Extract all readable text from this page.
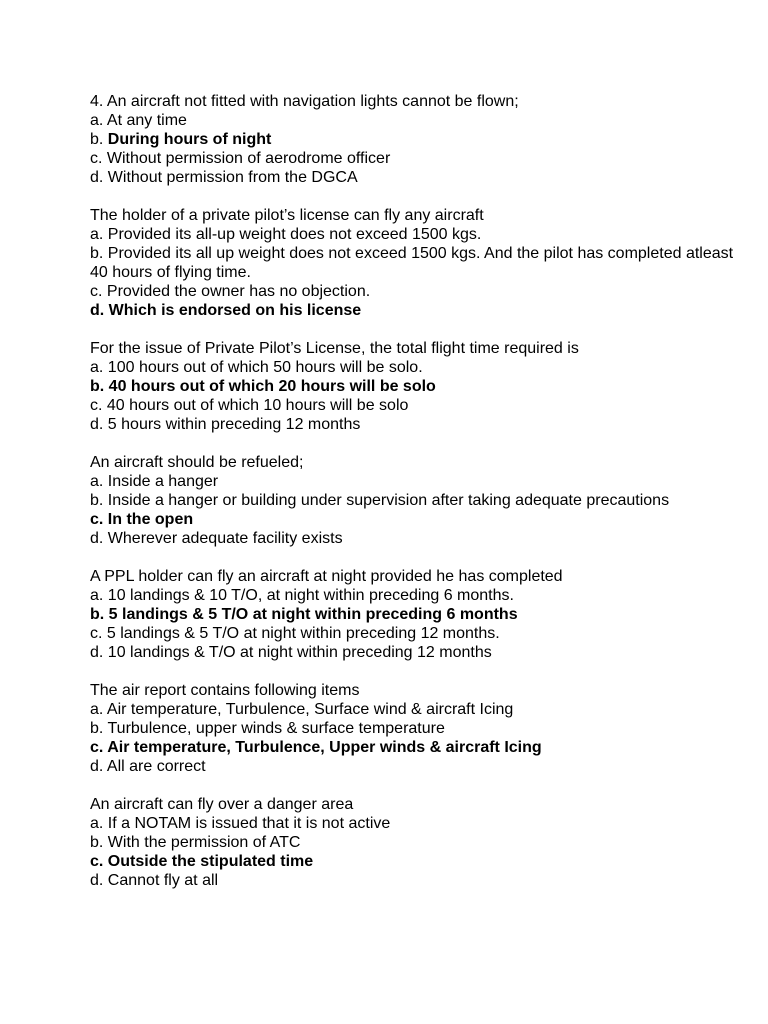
4. An aircraft not fitted with navigation lights cannot be flown;
a. At any time
b. During hours of night
c. Without permission of aerodrome officer
d. Without permission from the DGCA
The holder of a private pilot’s license can fly any aircraft
a. Provided its all-up weight does not exceed 1500 kgs.
b. Provided its all up weight does not exceed 1500 kgs. And the pilot has completed atleast 40 hours of flying time.
c. Provided the owner has no objection.
d. Which is endorsed on his license
For the issue of Private Pilot’s License, the total flight time required is
a. 100 hours out of which 50 hours will be solo.
b. 40 hours out of which 20 hours will be solo
c. 40 hours out of which 10 hours will be solo
d. 5 hours within preceding 12 months
An aircraft should be refueled;
a. Inside a hanger
b. Inside a hanger or building under supervision after taking adequate precautions
c. In the open
d. Wherever adequate facility exists
A PPL holder can fly an aircraft at night provided he has completed
a. 10 landings & 10 T/O, at night within preceding 6 months.
b. 5 landings & 5 T/O at night within preceding 6 months
c. 5 landings & 5 T/O at night within preceding 12 months.
d. 10 landings & T/O at night within preceding 12 months
The air report contains following items
a. Air temperature, Turbulence, Surface wind & aircraft Icing
b. Turbulence, upper winds & surface temperature
c. Air temperature, Turbulence, Upper winds & aircraft Icing
d. All are correct
An aircraft can fly over a danger area
a. If a NOTAM is issued that it is not active
b. With the permission of ATC
c. Outside the stipulated time
d. Cannot fly at all
